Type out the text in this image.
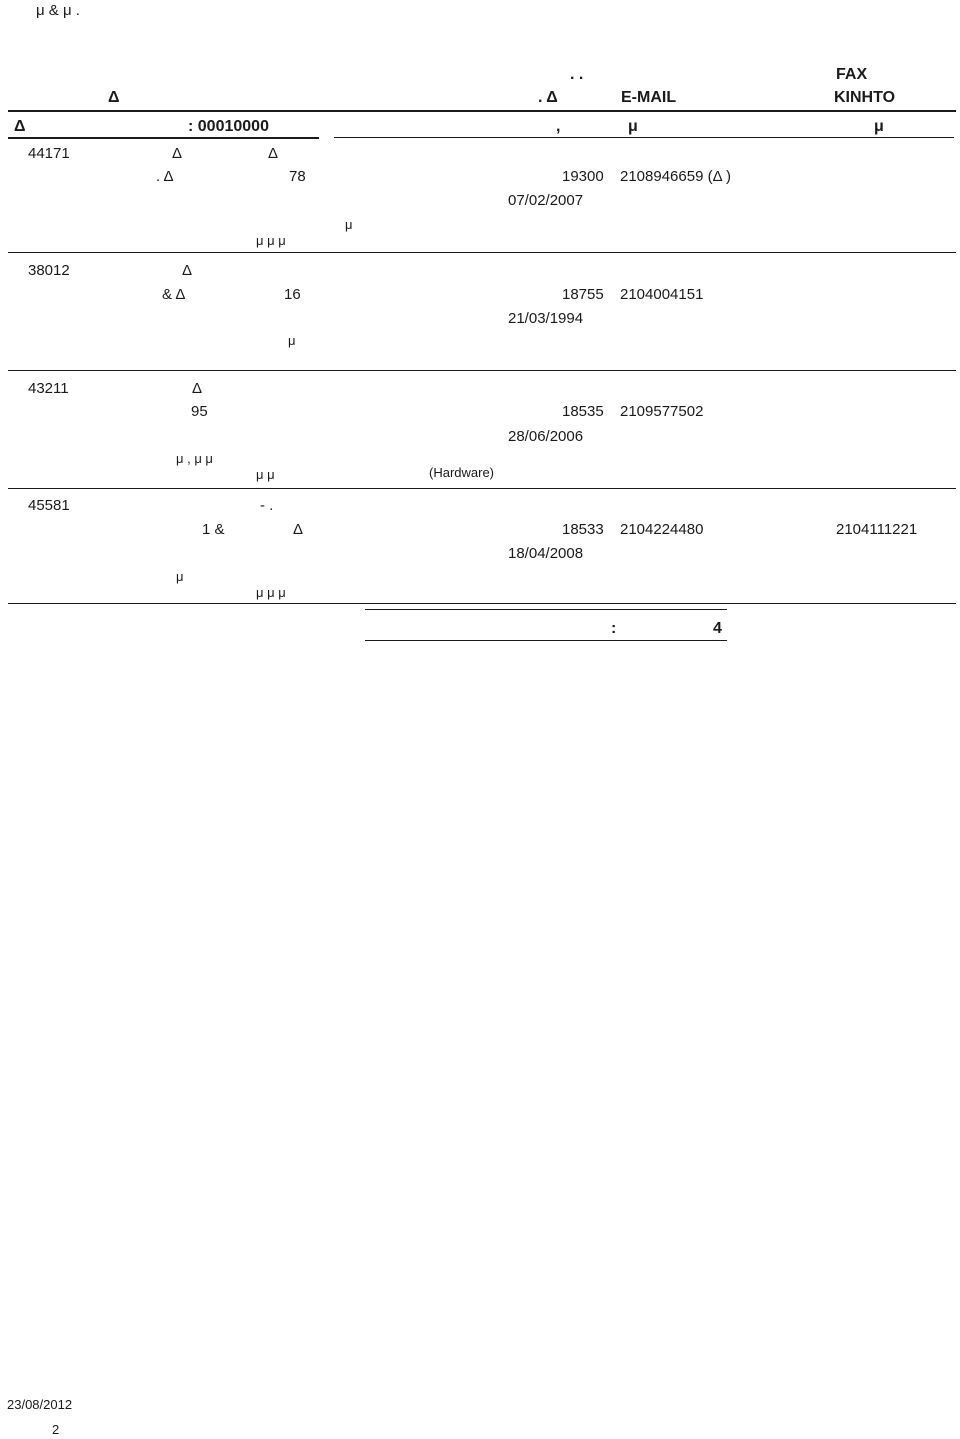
μ & μ .
. .	FAX
Δ	. Δ	E-MAIL	KINHTO
Δ	: 00010000	,	μ	μ
44171	Δ	Δ
. Δ	78	19300 2108946659 (Δ )
07/02/2007
μ
μ μ μ
38012	Δ
& Δ	16	18755 2104004151
21/03/1994
μ
43211	Δ
95	18535 2109577502
28/06/2006
μ , μ μ
μ μ	(Hardware)
45581	- .
1 &	Δ	18533 2104224480	2104111221
18/04/2008
μ
μ μ μ
:	4
23/08/2012
2
